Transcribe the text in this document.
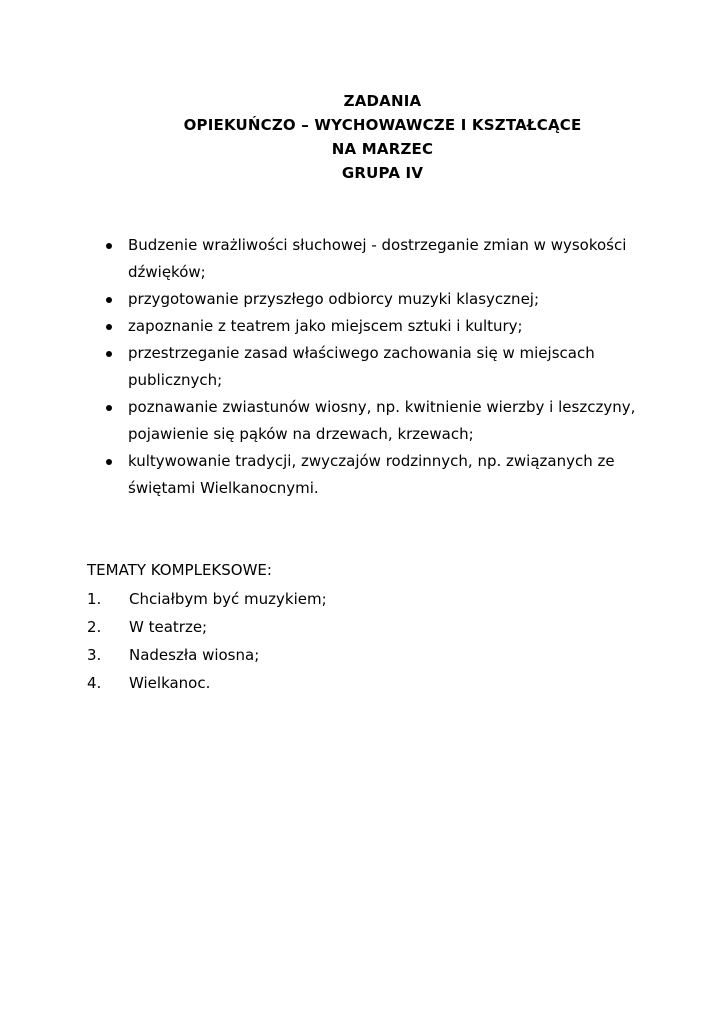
ZADANIA
OPIEKUŃCZO – WYCHOWAWCZE I KSZTAŁCĄCE
NA MARZEC
GRUPA IV
Budzenie wrażliwości słuchowej - dostrzeganie zmian w wysokości dźwięków;
przygotowanie przyszłego odbiorcy muzyki klasycznej;
zapoznanie z teatrem jako miejscem sztuki i kultury;
przestrzeganie zasad właściwego zachowania się w miejscach publicznych;
poznawanie zwiastunów wiosny, np. kwitnienie wierzby i leszczyny, pojawienie się pąków na drzewach, krzewach;
kultywowanie tradycji, zwyczajów rodzinnych, np. związanych ze świętami Wielkanocnymi.
TEMATY KOMPLEKSOWE:
1. Chciałbym być muzykiem;
2. W teatrze;
3. Nadeszła wiosna;
4. Wielkanoc.
